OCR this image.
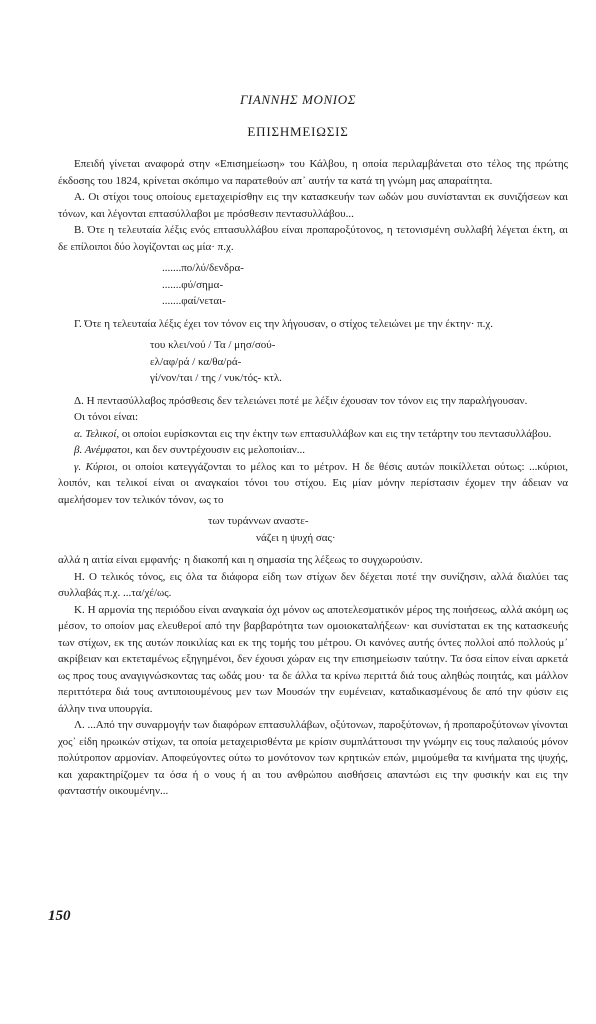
ΓΙΑΝΝΗΣ ΜΟΝΙΟΣ
ΕΠΙΣΗΜΕΙΩΣΙΣ

Επειδή γίνεται αναφορά στην «Επισημείωση» του Κάλβου, η οποία περιλαμβάνεται στο τέλος της πρώτης έκδοσης του 1824, κρίνεται σκόπιμο να παρατεθούν απ᾽ αυτήν τα κατά τη γνώμη μας απαραίτητα.

Α. Οι στίχοι τους οποίους εμεταχειρίσθην εις την κατασκευήν των ωδών μου συνίστανται εκ συνιζήσεων και τόνων, και λέγονται επτασύλλαβοι με πρόσθεσιν πεντασυλλάβου...

Β. Ότε η τελευταία λέξις ενός επτασυλλάβου είναι προπαροξύτονος, η τετονισμένη συλλαβή λέγεται έκτη, αι δε επίλοιποι δύο λογίζονται ως μία· π.χ.

.......πο/λύ/δενδρα-
.......φύ/σημα-
.......φαί/νεται-

Γ. Ότε η τελευταία λέξις έχει τον τόνον εις την λήγουσαν, ο στίχος τελειώνει με την έκτην· π.χ.

του κλει/νού / Τα / μησ/σού-
ελ/αφ/ρά / κα/θα/ρά-
γί/νον/ται / της / νυκ/τός- κτλ.

Δ. Η πεντασύλλαβος πρόσθεσις δεν τελειώνει ποτέ με λέξιν έχουσαν τον τόνον εις την παραλήγουσαν.

Οι τόνοι είναι:

α. Τελικοί, οι οποίοι ευρίσκονται εις την έκτην των επτασυλλάβων και εις την τετάρτην του πεντασυλλάβου.

β. Ανέμφατοι, και δεν συντρέχουσιν εις μελοποιίαν...

γ. Κύριοι, οι οποίοι κατεγγάζονται το μέλος και το μέτρον. Η δε θέσις αυτών ποικίλλεται ούτως: ...κύριοι, λοιπόν, και τελικοί είναι οι αναγκαίοι τόνοι του στίχου. Εις μίαν μόνην περίστασιν έχομεν την άδειαν να αμελήσομεν τον τελικόν τόνον, ως το

των τυράννων αναστε-
νάζει η ψυχή σας·

αλλά η αιτία είναι εμφανής· η διακοπή και η σημασία της λέξεως το συγχωρούσιν.

Η. Ο τελικός τόνος, εις όλα τα διάφορα είδη των στίχων δεν δέχεται ποτέ την συνίζησιν, αλλά διαλύει τας συλλαβάς π.χ. ...τα/χέ/ως.

Κ. Η αρμονία της περιόδου είναι αναγκαία όχι μόνον ως αποτελεσματικόν μέρος της ποιήσεως, αλλά ακόμη ως μέσον, το οποίον μας ελευθεροί από την βαρβαρότητα των ομοιοκαταλήξεων· και συνίσταται εκ της κατασκευής των στίχων, εκ της αυτών ποικιλίας και εκ της τομής του μέτρου. Οι κανόνες αυτής όντες πολλοί από πολλούς μ᾽ ακρίβειαν και εκτεταμένως εξηγημένοι, δεν έχουσι χώραν εις την επισημείωσιν ταύτην. Τα όσα είπον είναι αρκετά ως προς τους αναγιγνώσκοντας τας ωδάς μου· τα δε άλλα τα κρίνω περιττά διά τους αληθώς ποιητάς, και μάλλον περιττότερα διά τους αντιποιουμένους μεν των Μουσών την ευμένειαν, καταδικασμένους δε από την φύσιν εις άλλην τινα υπουργία.

Λ. ...Από την συναρμογήν των διαφόρων επτασυλλάβων, οξύτονων, παροξύτονων, ή προπαροξύτονων γίνονται χος᾽ είδη ηρωικών στίχων, τα οποία μεταχειρισθέντα με κρίσιν συμπλάττουσι την γνώμην εις τους παλαιούς μόνον πολύτροπον αρμονίαν. Αποφεύγοντες ούτω το μονότονον των κρητικών επών, μιμούμεθα τα κινήματα της ψυχής, και χαρακτηρίζομεν τα όσα ή ο νους ή αι του ανθρώπου αισθήσεις απαντώσι εις την φυσικήν και εις την φανταστήν οικουμένην...

150
